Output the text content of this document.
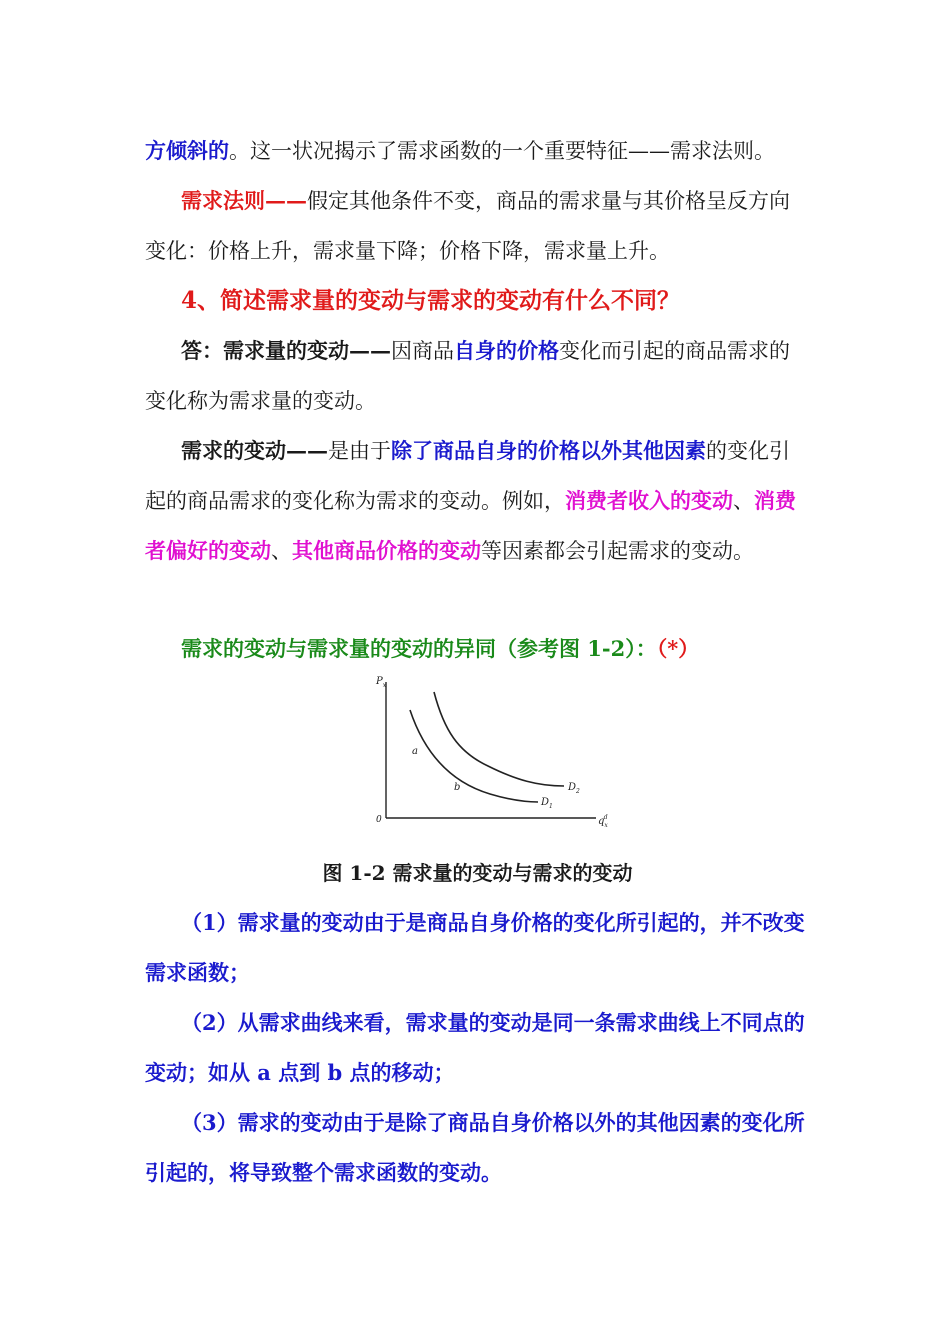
方倾斜的。这一状况揭示了需求函数的一个重要特征——需求法则。

需求法则——假定其他条件不变，商品的需求量与其价格呈反方向变化：价格上升，需求量下降；价格下降，需求量上升。

4、简述需求量的变动与需求的变动有什么不同？

答：需求量的变动——因商品自身的价格变化而引起的商品需求的变化称为需求量的变动。

需求的变动——是由于除了商品自身的价格以外其他因素的变化引起的商品需求的变化称为需求的变动。例如，消费者收入的变动、消费者偏好的变动、其他商品价格的变动等因素都会引起需求的变动。

需求的变动与需求量的变动的异同（参考图 1-2）：（*）

$P_x$
$q_xd$
0
a
b
$D_1$
$D_2$
图 1-2 需求量的变动与需求的变动

（1）需求量的变动由于是商品自身价格的变化所引起的，并不改变需求函数；

（2）从需求曲线来看，需求量的变动是同一条需求曲线上不同点的变动；如从 a 点到 b 点的移动；

（3）需求的变动由于是除了商品自身价格以外的其他因素的变化所引起的，将导致整个需求函数的变动。
